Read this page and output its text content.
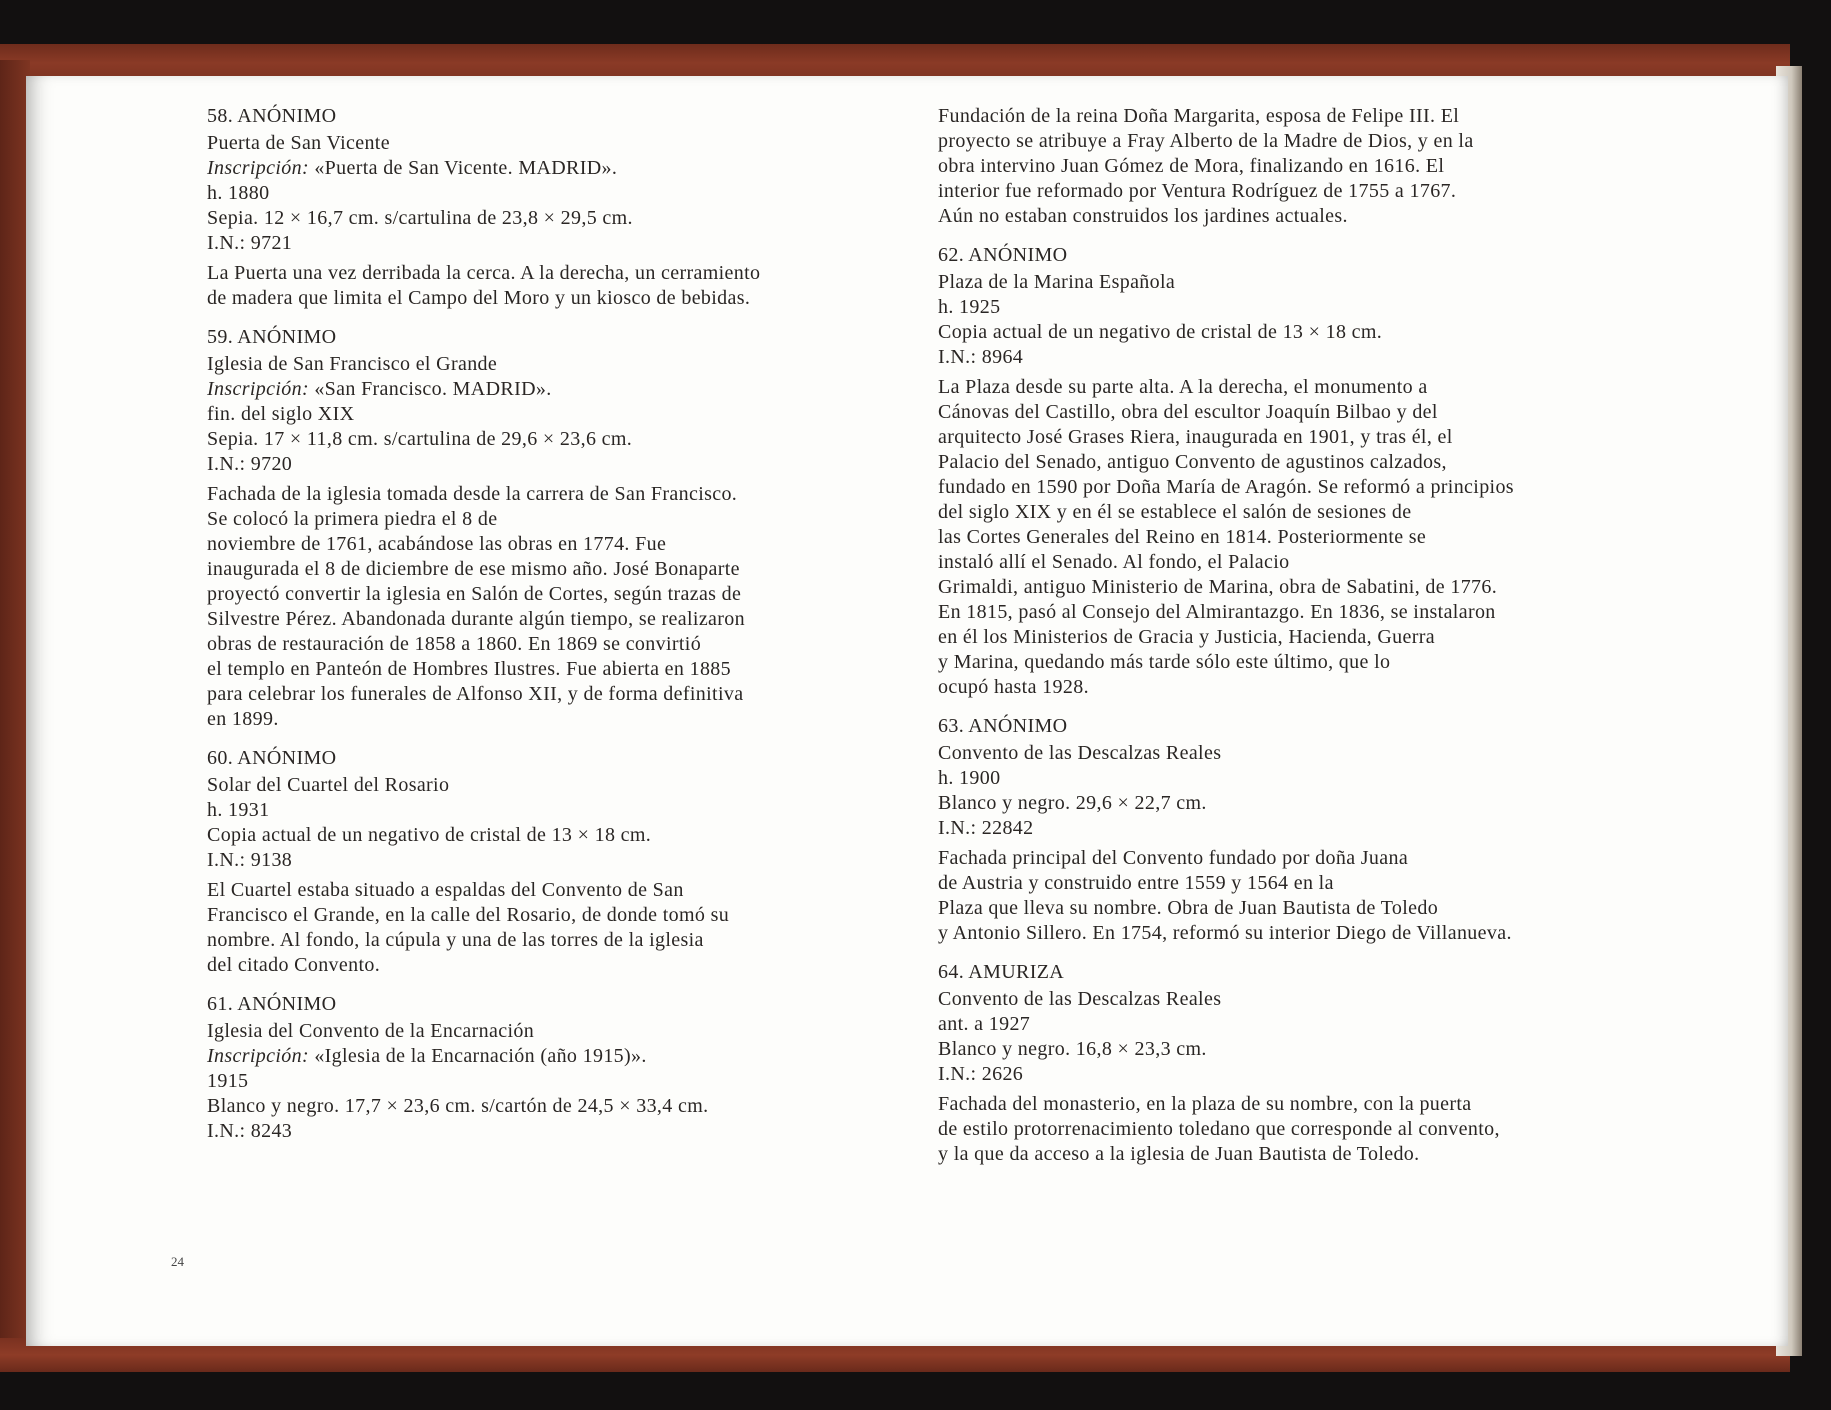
58. ANÓNIMO
Puerta de San Vicente
Inscripción: «Puerta de San Vicente. MADRID».
h. 1880
Sepia. 12 × 16,7 cm. s/cartulina de 23,8 × 29,5 cm.
I.N.: 9721
La Puerta una vez derribada la cerca. A la derecha, un cerramiento
de madera que limita el Campo del Moro y un kiosco de bebidas.
59. ANÓNIMO
Iglesia de San Francisco el Grande
Inscripción: «San Francisco. MADRID».
fin. del siglo XIX
Sepia. 17 × 11,8 cm. s/cartulina de 29,6 × 23,6 cm.
I.N.: 9720
Fachada de la iglesia tomada desde la carrera de San Francisco.
Se colocó la primera piedra el 8 de
noviembre de 1761, acabándose las obras en 1774. Fue
inaugurada el 8 de diciembre de ese mismo año. José Bonaparte
proyectó convertir la iglesia en Salón de Cortes, según trazas de
Silvestre Pérez. Abandonada durante algún tiempo, se realizaron
obras de restauración de 1858 a 1860. En 1869 se convirtió
el templo en Panteón de Hombres Ilustres. Fue abierta en 1885
para celebrar los funerales de Alfonso XII, y de forma definitiva
en 1899.
60. ANÓNIMO
Solar del Cuartel del Rosario
h. 1931
Copia actual de un negativo de cristal de 13 × 18 cm.
I.N.: 9138
El Cuartel estaba situado a espaldas del Convento de San
Francisco el Grande, en la calle del Rosario, de donde tomó su
nombre. Al fondo, la cúpula y una de las torres de la iglesia
del citado Convento.
61. ANÓNIMO
Iglesia del Convento de la Encarnación
Inscripción: «Iglesia de la Encarnación (año 1915)».
1915
Blanco y negro. 17,7 × 23,6 cm. s/cartón de 24,5 × 33,4 cm.
I.N.: 8243
Fundación de la reina Doña Margarita, esposa de Felipe III. El
proyecto se atribuye a Fray Alberto de la Madre de Dios, y en la
obra intervino Juan Gómez de Mora, finalizando en 1616. El
interior fue reformado por Ventura Rodríguez de 1755 a 1767.
Aún no estaban construidos los jardines actuales.
62. ANÓNIMO
Plaza de la Marina Española
h. 1925
Copia actual de un negativo de cristal de 13 × 18 cm.
I.N.: 8964
La Plaza desde su parte alta. A la derecha, el monumento a
Cánovas del Castillo, obra del escultor Joaquín Bilbao y del
arquitecto José Grases Riera, inaugurada en 1901, y tras él, el
Palacio del Senado, antiguo Convento de agustinos calzados,
fundado en 1590 por Doña María de Aragón. Se reformó a principios
del siglo XIX y en él se establece el salón de sesiones de
las Cortes Generales del Reino en 1814. Posteriormente se
instaló allí el Senado. Al fondo, el Palacio
Grimaldi, antiguo Ministerio de Marina, obra de Sabatini, de 1776.
En 1815, pasó al Consejo del Almirantazgo. En 1836, se instalaron
en él los Ministerios de Gracia y Justicia, Hacienda, Guerra
y Marina, quedando más tarde sólo este último, que lo
ocupó hasta 1928.
63. ANÓNIMO
Convento de las Descalzas Reales
h. 1900
Blanco y negro. 29,6 × 22,7 cm.
I.N.: 22842
Fachada principal del Convento fundado por doña Juana
de Austria y construido entre 1559 y 1564 en la
Plaza que lleva su nombre. Obra de Juan Bautista de Toledo
y Antonio Sillero. En 1754, reformó su interior Diego de Villanueva.
64. AMURIZA
Convento de las Descalzas Reales
ant. a 1927
Blanco y negro. 16,8 × 23,3 cm.
I.N.: 2626
Fachada del monasterio, en la plaza de su nombre, con la puerta
de estilo protorrenacimiento toledano que corresponde al convento,
y la que da acceso a la iglesia de Juan Bautista de Toledo.
24
